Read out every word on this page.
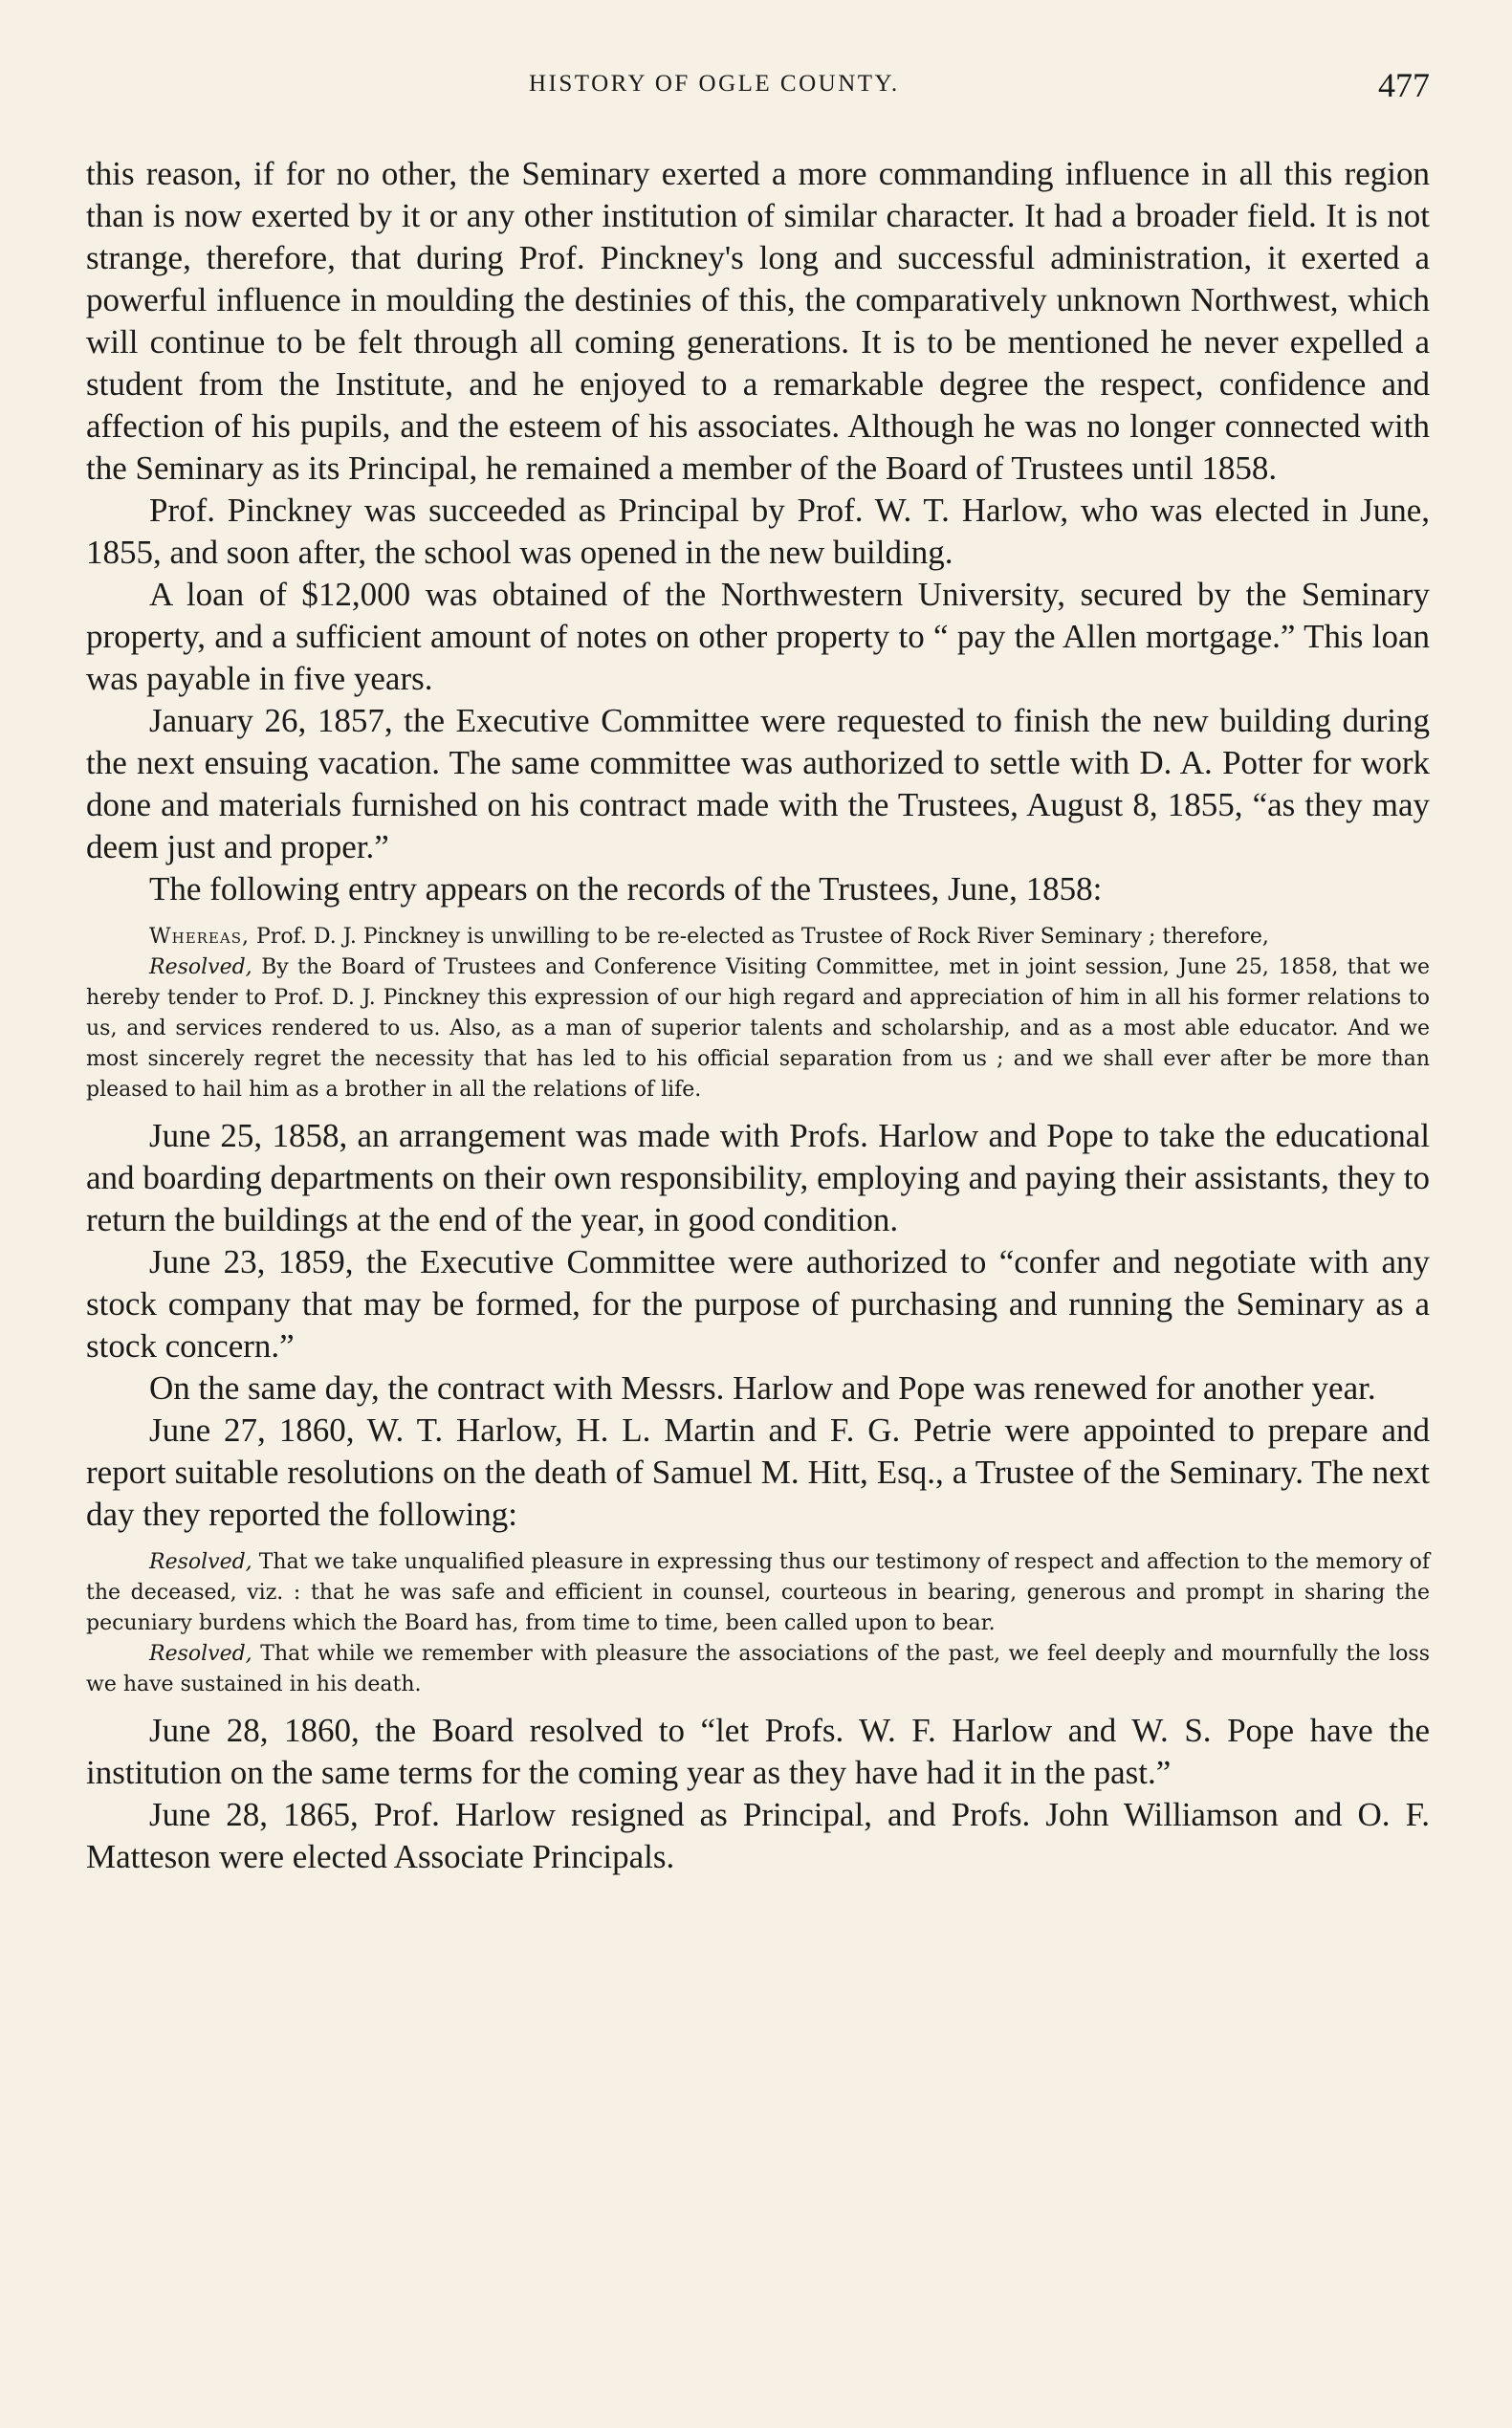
HISTORY OF OGLE COUNTY.	477

this reason, if for no other, the Seminary exerted a more commanding influence in all this region than is now exerted by it or any other institution of similar character. It had a broader field. It is not strange, therefore, that during Prof. Pinckney's long and successful administration, it exerted a powerful influence in moulding the destinies of this, the comparatively unknown Northwest, which will continue to be felt through all coming generations. It is to be mentioned he never expelled a student from the Institute, and he enjoyed to a remarkable degree the respect, confidence and affection of his pupils, and the esteem of his associates. Although he was no longer connected with the Seminary as its Principal, he remained a member of the Board of Trustees until 1858.

Prof. Pinckney was succeeded as Principal by Prof. W. T. Harlow, who was elected in June, 1855, and soon after, the school was opened in the new building.

A loan of $12,000 was obtained of the Northwestern University, secured by the Seminary property, and a sufficient amount of notes on other property to “ pay the Allen mortgage.” This loan was payable in five years.

January 26, 1857, the Executive Committee were requested to finish the new building during the next ensuing vacation. The same committee was authorized to settle with D. A. Potter for work done and materials furnished on his contract made with the Trustees, August 8, 1855, “as they may deem just and proper.”

The following entry appears on the records of the Trustees, June, 1858:

Whereas, Prof. D. J. Pinckney is unwilling to be re-elected as Trustee of Rock River Seminary ; therefore,

Resolved, By the Board of Trustees and Conference Visiting Committee, met in joint session, June 25, 1858, that we hereby tender to Prof. D. J. Pinckney this expression of our high regard and appreciation of him in all his former relations to us, and services rendered to us. Also, as a man of superior talents and scholarship, and as a most able educator. And we most sincerely regret the necessity that has led to his official separation from us ; and we shall ever after be more than pleased to hail him as a brother in all the relations of life.

June 25, 1858, an arrangement was made with Profs. Harlow and Pope to take the educational and boarding departments on their own responsibility, employing and paying their assistants, they to return the buildings at the end of the year, in good condition.

June 23, 1859, the Executive Committee were authorized to “confer and negotiate with any stock company that may be formed, for the purpose of purchasing and running the Seminary as a stock concern.”

On the same day, the contract with Messrs. Harlow and Pope was renewed for another year.

June 27, 1860, W. T. Harlow, H. L. Martin and F. G. Petrie were appointed to prepare and report suitable resolutions on the death of Samuel M. Hitt, Esq., a Trustee of the Seminary. The next day they reported the following:

Resolved, That we take unqualified pleasure in expressing thus our testimony of respect and affection to the memory of the deceased, viz. : that he was safe and efficient in counsel, courteous in bearing, generous and prompt in sharing the pecuniary burdens which the Board has, from time to time, been called upon to bear.

Resolved, That while we remember with pleasure the associations of the past, we feel deeply and mournfully the loss we have sustained in his death.

June 28, 1860, the Board resolved to “let Profs. W. F. Harlow and W. S. Pope have the institution on the same terms for the coming year as they have had it in the past.”

June 28, 1865, Prof. Harlow resigned as Principal, and Profs. John Williamson and O. F. Matteson were elected Associate Principals.
